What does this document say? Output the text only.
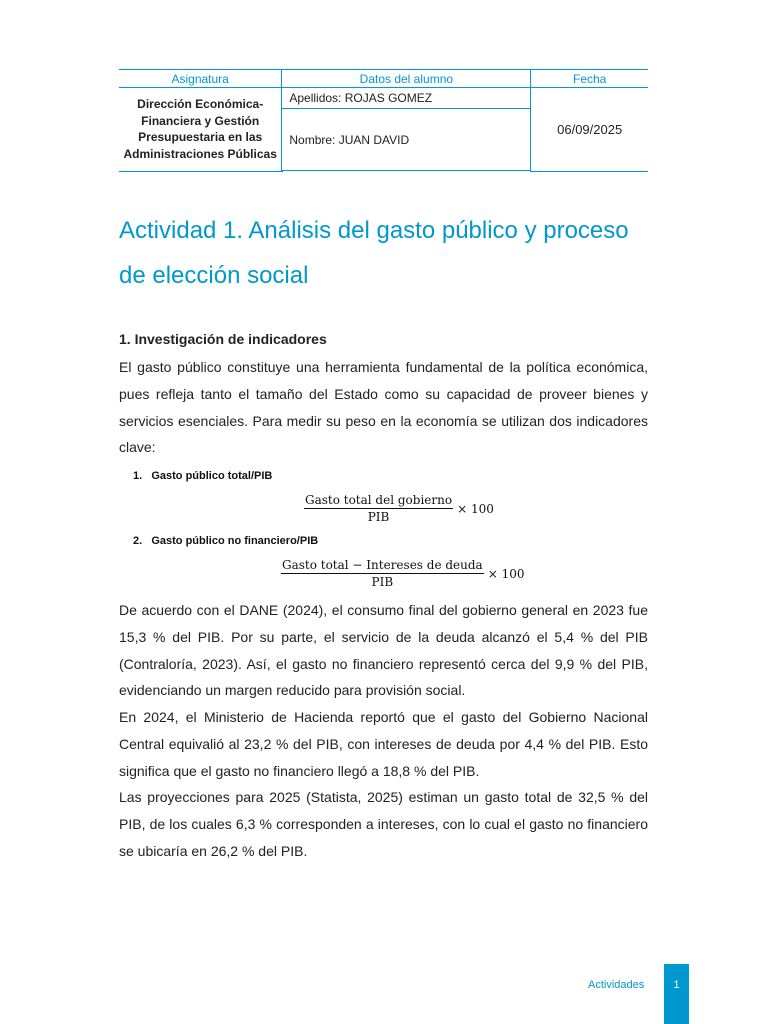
Asignatura	Datos del alumno	Fecha
Dirección Económica-Financiera y Gestión Presupuestaria en las Administraciones Públicas	Apellidos: ROJAS GOMEZ	06/09/2025
	Nombre: JUAN DAVID	
Actividad 1. Análisis del gasto público y proceso de elección social
1. Investigación de indicadores

El gasto público constituye una herramienta fundamental de la política económica, pues refleja tanto el tamaño del Estado como su capacidad de proveer bienes y servicios esenciales. Para medir su peso en la economía se utilizan dos indicadores clave:

1.   Gasto público total/PIB
$\frac{\text{Gasto total del gobierno}}{\text{PIB}} \times 100$
2.   Gasto público no financiero/PIB
$\frac{\text{Gasto total − Intereses de deuda}}{\text{PIB}} \times 100$

De acuerdo con el DANE (2024), el consumo final del gobierno general en 2023 fue 15,3 % del PIB. Por su parte, el servicio de la deuda alcanzó el 5,4 % del PIB (Contraloría, 2023). Así, el gasto no financiero representó cerca del 9,9 % del PIB, evidenciando un margen reducido para provisión social.

En 2024, el Ministerio de Hacienda reportó que el gasto del Gobierno Nacional Central equivalió al 23,2 % del PIB, con intereses de deuda por 4,4 % del PIB. Esto significa que el gasto no financiero llegó a 18,8 % del PIB.

Las proyecciones para 2025 (Statista, 2025) estiman un gasto total de 32,5 % del PIB, de los cuales 6,3 % corresponden a intereses, con lo cual el gasto no financiero se ubicaría en 26,2 % del PIB.

Actividades	1
